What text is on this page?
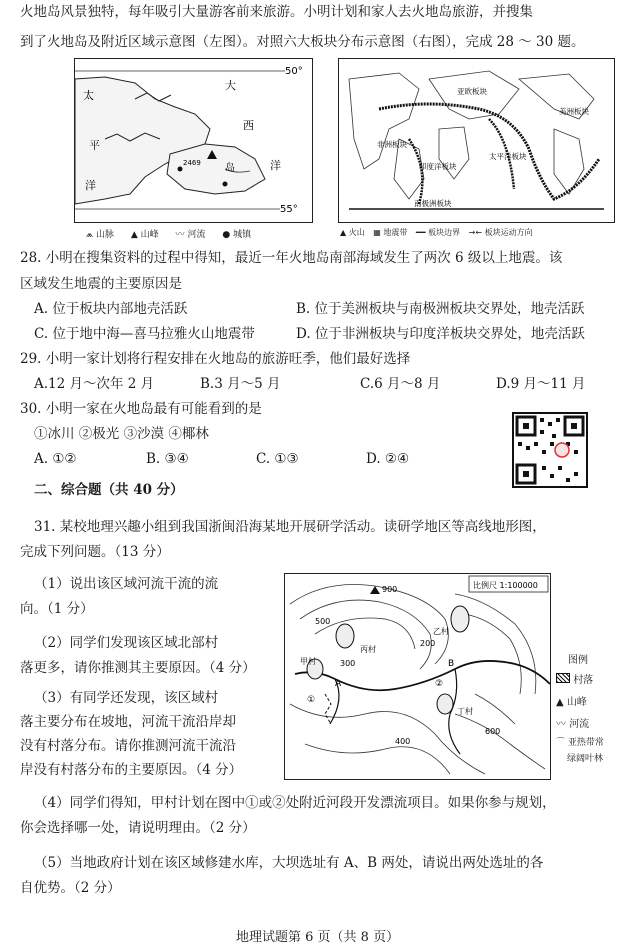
火地岛风景独特，每年吸引大量游客前来旅游。小明计划和家人去火地岛旅游，并搜集
到了火地岛及附近区域示意图（左图）。对照六大板块分布示意图（右图），完成 28 ～ 30 题。
50°
55°
大
西
洋
太
平
洋
岛
2469
⩕ 山脉 ▲ 山峰 〰 河流 ● 城镇
亚欧板块
非洲板块
印度洋板块
太平洋板块
美洲板块
南极洲板块
▲ 火山 ▦ 地震带 ━━ 板块边界 →← 板块运动方向
28. 小明在搜集资料的过程中得知，最近一年火地岛南部海域发生了两次 6 级以上地震。该
区域发生地震的主要原因是
A. 位于板块内部地壳活跃	B. 位于美洲板块与南极洲板块交界处，地壳活跃
C. 位于地中海—喜马拉雅火山地震带	D. 位于非洲板块与印度洋板块交界处，地壳活跃
29. 小明一家计划将行程安排在火地岛的旅游旺季，他们最好选择
A.12 月～次年 2 月	B.3 月～5 月	C.6 月～8 月	D.9 月～11 月
30. 小明一家在火地岛最有可能看到的是
①冰川 ②极光 ③沙漠 ④椰林
A. ①②	B. ③④	C. ①③	D. ②④
二、综合题（共 40 分）
31. 某校地理兴趣小组到我国浙闽沿海某地开展研学活动。读研学地区等高线地形图，
完成下列问题。（13 分）
（1）说出该区域河流干流的流
向。（1 分）
（2）同学们发现该区域北部村
落更多，请你推测其主要原因。（4 分）
（3）有同学还发现，该区域村
落主要分布在坡地，河流干流沿岸却
没有村落分布。请你推测河流干流沿
岸没有村落分布的主要原因。（4 分）
比例尺 1:100000
900
500
400
600
200
300
甲村
乙村
丙村
丁村
A
B
①
②
图例
村落
▲ 山峰
〰 河流
⌒ 亚热带常
绿阔叶林
（4）同学们得知，甲村计划在图中①或②处附近河段开发漂流项目。如果你参与规划，
你会选择哪一处，请说明理由。（2 分）
（5）当地政府计划在该区域修建水库，大坝选址有 A、B 两处，请说出两处选址的各
自优势。（2 分）
地理试题第 6 页（共 8 页）
